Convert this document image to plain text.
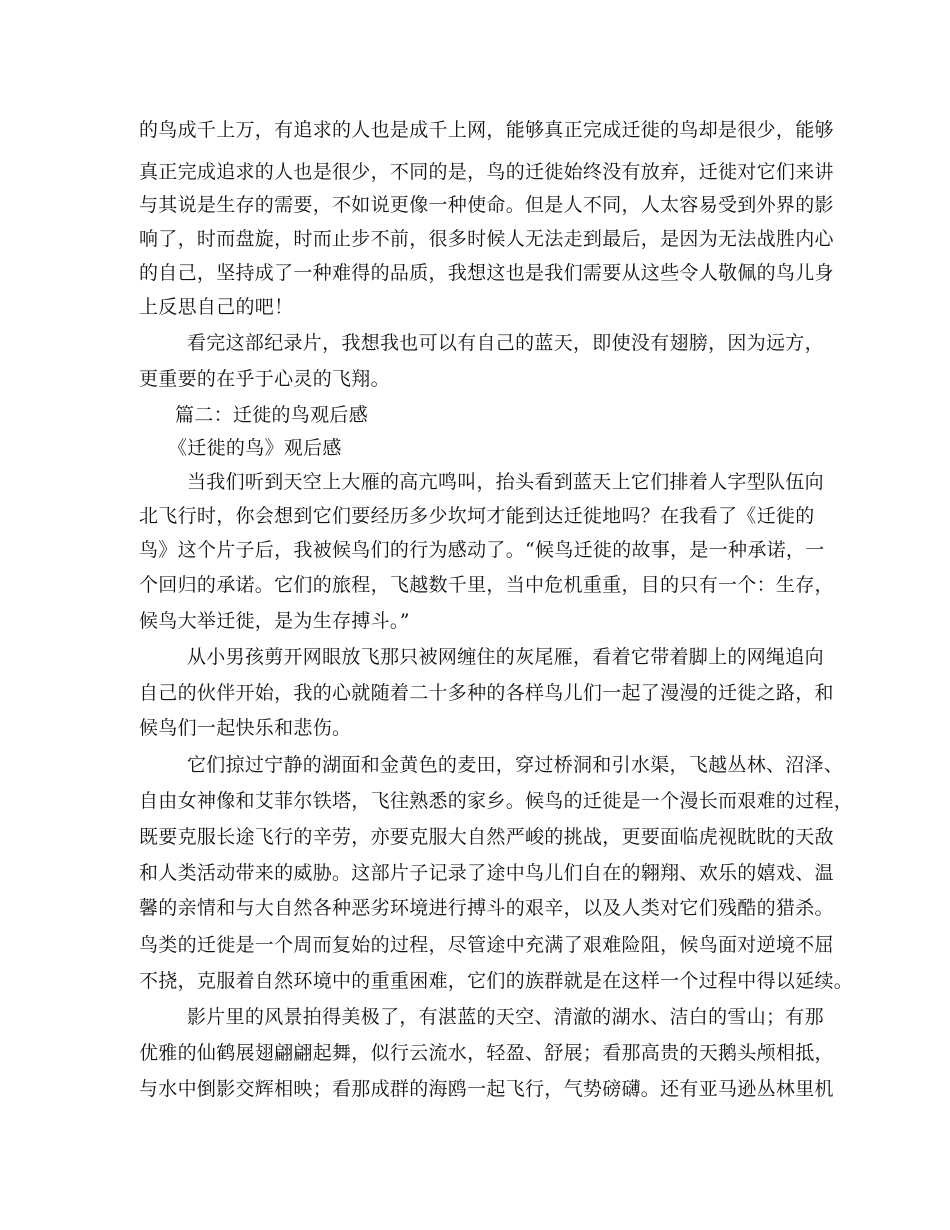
的鸟成千上万，有追求的人也是成千上网，能够真正完成迁徙的鸟却是很少，能够
真正完成追求的人也是很少，不同的是，鸟的迁徙始终没有放弃，迁徙对它们来讲
与其说是生存的需要，不如说更像一种使命。但是人不同，人太容易受到外界的影
响了，时而盘旋，时而止步不前，很多时候人无法走到最后，是因为无法战胜内心
的自己，坚持成了一种难得的品质，我想这也是我们需要从这些令人敬佩的鸟儿身
上反思自己的吧！
看完这部纪录片，我想我也可以有自己的蓝天，即使没有翅膀，因为远方，
更重要的在乎于心灵的飞翔。
篇二：迁徙的鸟观后感
《迁徙的鸟》观后感
当我们听到天空上大雁的高亢鸣叫，抬头看到蓝天上它们排着人字型队伍向
北飞行时，你会想到它们要经历多少坎坷才能到达迁徙地吗？在我看了《迁徙的
鸟》这个片子后，我被候鸟们的行为感动了。“候鸟迁徙的故事，是一种承诺，一
个回归的承诺。它们的旅程，飞越数千里，当中危机重重，目的只有一个：生存，
候鸟大举迁徙，是为生存搏斗。”
从小男孩剪开网眼放飞那只被网缠住的灰尾雁，看着它带着脚上的网绳追向
自己的伙伴开始，我的心就随着二十多种的各样鸟儿们一起了漫漫的迁徙之路，和
候鸟们一起快乐和悲伤。
它们掠过宁静的湖面和金黄色的麦田，穿过桥洞和引水渠，飞越丛林、沼泽、
自由女神像和艾菲尔铁塔，飞往熟悉的家乡。候鸟的迁徙是一个漫长而艰难的过程，
既要克服长途飞行的辛劳，亦要克服大自然严峻的挑战，更要面临虎视眈眈的天敌
和人类活动带来的威胁。这部片子记录了途中鸟儿们自在的翱翔、欢乐的嬉戏、温
馨的亲情和与大自然各种恶劣环境进行搏斗的艰辛，以及人类对它们残酷的猎杀。
鸟类的迁徙是一个周而复始的过程，尽管途中充满了艰难险阻，候鸟面对逆境不屈
不挠，克服着自然环境中的重重困难，它们的族群就是在这样一个过程中得以延续。
影片里的风景拍得美极了，有湛蓝的天空、清澈的湖水、洁白的雪山；有那
优雅的仙鹤展翅翩翩起舞，似行云流水，轻盈、舒展；看那高贵的天鹅头颅相抵，
与水中倒影交辉相映；看那成群的海鸥一起飞行，气势磅礴。还有亚马逊丛林里机
